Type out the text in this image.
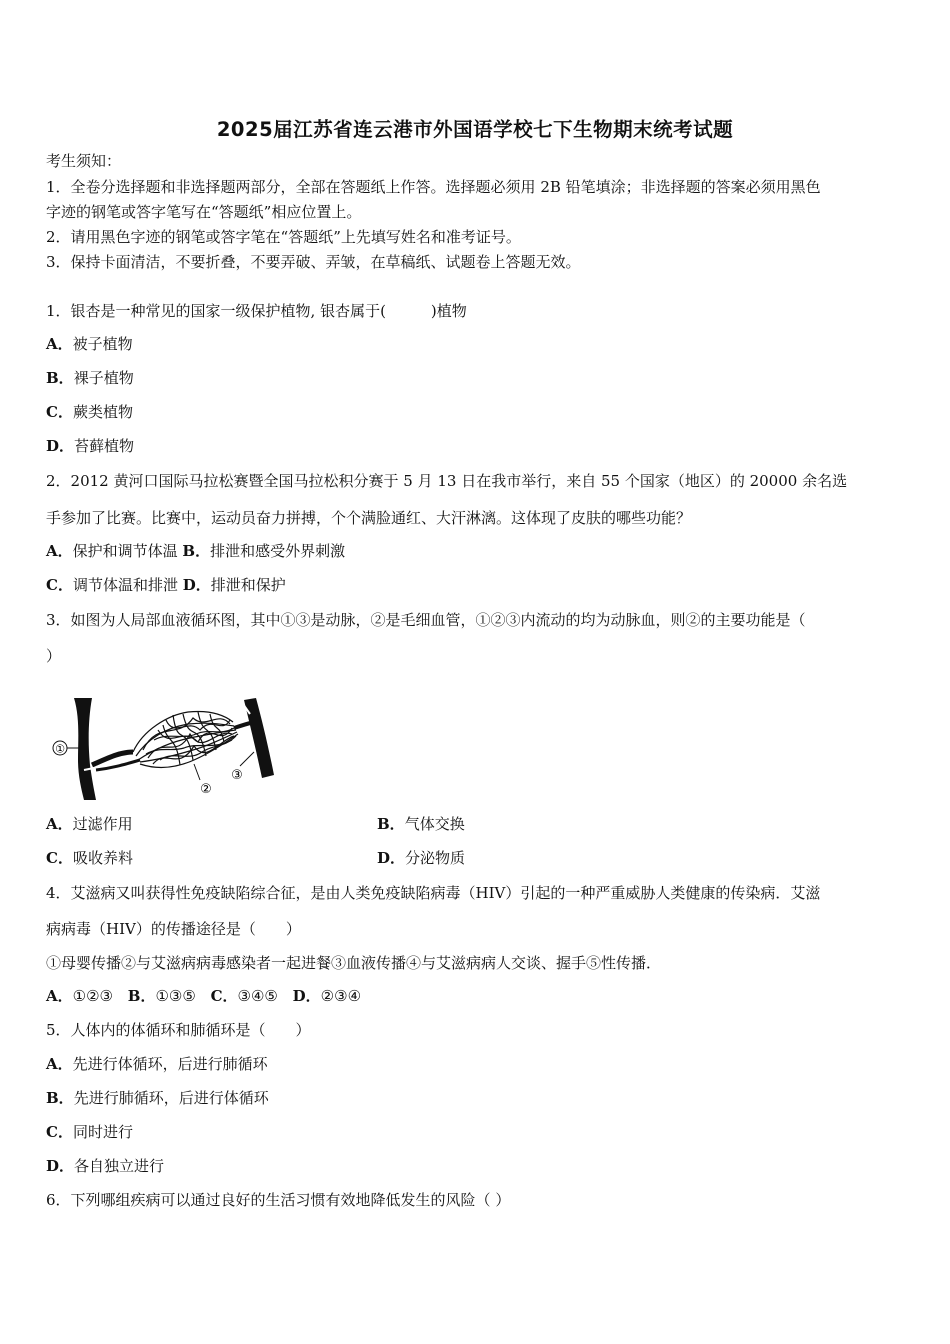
2025届江苏省连云港市外国语学校七下生物期末统考试题
考生须知：
1．全卷分选择题和非选择题两部分，全部在答题纸上作答。选择题必须用 2B 铅笔填涂；非选择题的答案必须用黑色
字迹的钢笔或答字笔写在“答题纸”相应位置上。
2．请用黑色字迹的钢笔或答字笔在“答题纸”上先填写姓名和准考证号。
3．保持卡面清洁，不要折叠，不要弄破、弄皱，在草稿纸、试题卷上答题无效。
1．银杏是一种常见的国家一级保护植物, 银杏属于(　　　)植物
A．被子植物
B．裸子植物
C．蕨类植物
D．苔藓植物
2．2012 黄河口国际马拉松赛暨全国马拉松积分赛于 5 月 13 日在我市举行，来自 55 个国家（地区）的 20000 余名选
手参加了比赛。比赛中，运动员奋力拼搏，个个满脸通红、大汗淋漓。这体现了皮肤的哪些功能？
A．保护和调节体温 B．排泄和感受外界刺激
C．调节体温和排泄 D．排泄和保护
3．如图为人局部血液循环图，其中①③是动脉，②是毛细血管，①②③内流动的均为动脉血，则②的主要功能是（
）
①
②
③
A．过滤作用	B．气体交换
C．吸收养料	D．分泌物质
4．艾滋病又叫获得性免疫缺陷综合征，是由人类免疫缺陷病毒（HIV）引起的一种严重威胁人类健康的传染病．艾滋
病病毒（HIV）的传播途径是（　　）
①母婴传播②与艾滋病病毒感染者一起进餐③血液传播④与艾滋病病人交谈、握手⑤性传播．
A．①②③ B．①③⑤ C．③④⑤ D．②③④
5．人体内的体循环和肺循环是（　　）
A．先进行体循环，后进行肺循环
B．先进行肺循环，后进行体循环
C．同时进行
D．各自独立进行
6．下列哪组疾病可以通过良好的生活习惯有效地降低发生的风险（ ）
